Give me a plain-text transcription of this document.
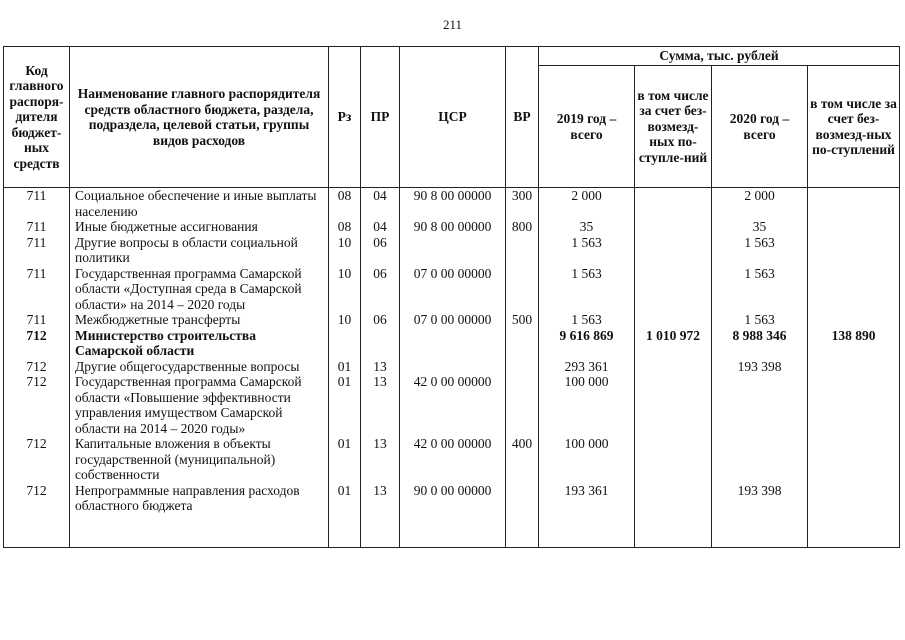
211
Код главного распоря-дителя бюджет-ных средств	Наименование главного распорядителя средств областного бюджета, раздела, подраздела, целевой статьи, группы видов расходов	Рз	ПР	ЦСР	ВР	Сумма, тыс. рублей			
						2019 год – всего	в том числе за счет без-возмезд-ных по-ступле-ний	2020 год – всего	в том числе за счет без-возмезд-ных по-ступлений
711	Социальное обеспечение и иные выплаты населению	08	04	90 8 00 00000	300	2 000		2 000	
711	Иные бюджетные ассигнования	08	04	90 8 00 00000	800	35		35	
711	Другие вопросы в области социальной политики	10	06			1 563		1 563	
711	Государственная программа Самарской области «Доступная среда в Самарской области» на 2014 – 2020 годы	10	06	07 0 00 00000		1 563		1 563	
711	Межбюджетные трансферты	10	06	07 0 00 00000	500	1 563		1 563	
712	Министерство строительства Самарской области					9 616 869	1 010 972	8 988 346	138 890
712	Другие общегосударственные вопросы	01	13			293 361		193 398	
712	Государственная программа Самарской области «Повышение эффективности управления имуществом Самарской области на 2014 – 2020 годы»	01	13	42 0 00 00000		100 000			
712	Капитальные вложения в объекты государственной (муниципальной) собственности	01	13	42 0 00 00000	400	100 000			
712	Непрограммные направления расходов областного бюджета	01	13	90 0 00 00000		193 361		193 398	
